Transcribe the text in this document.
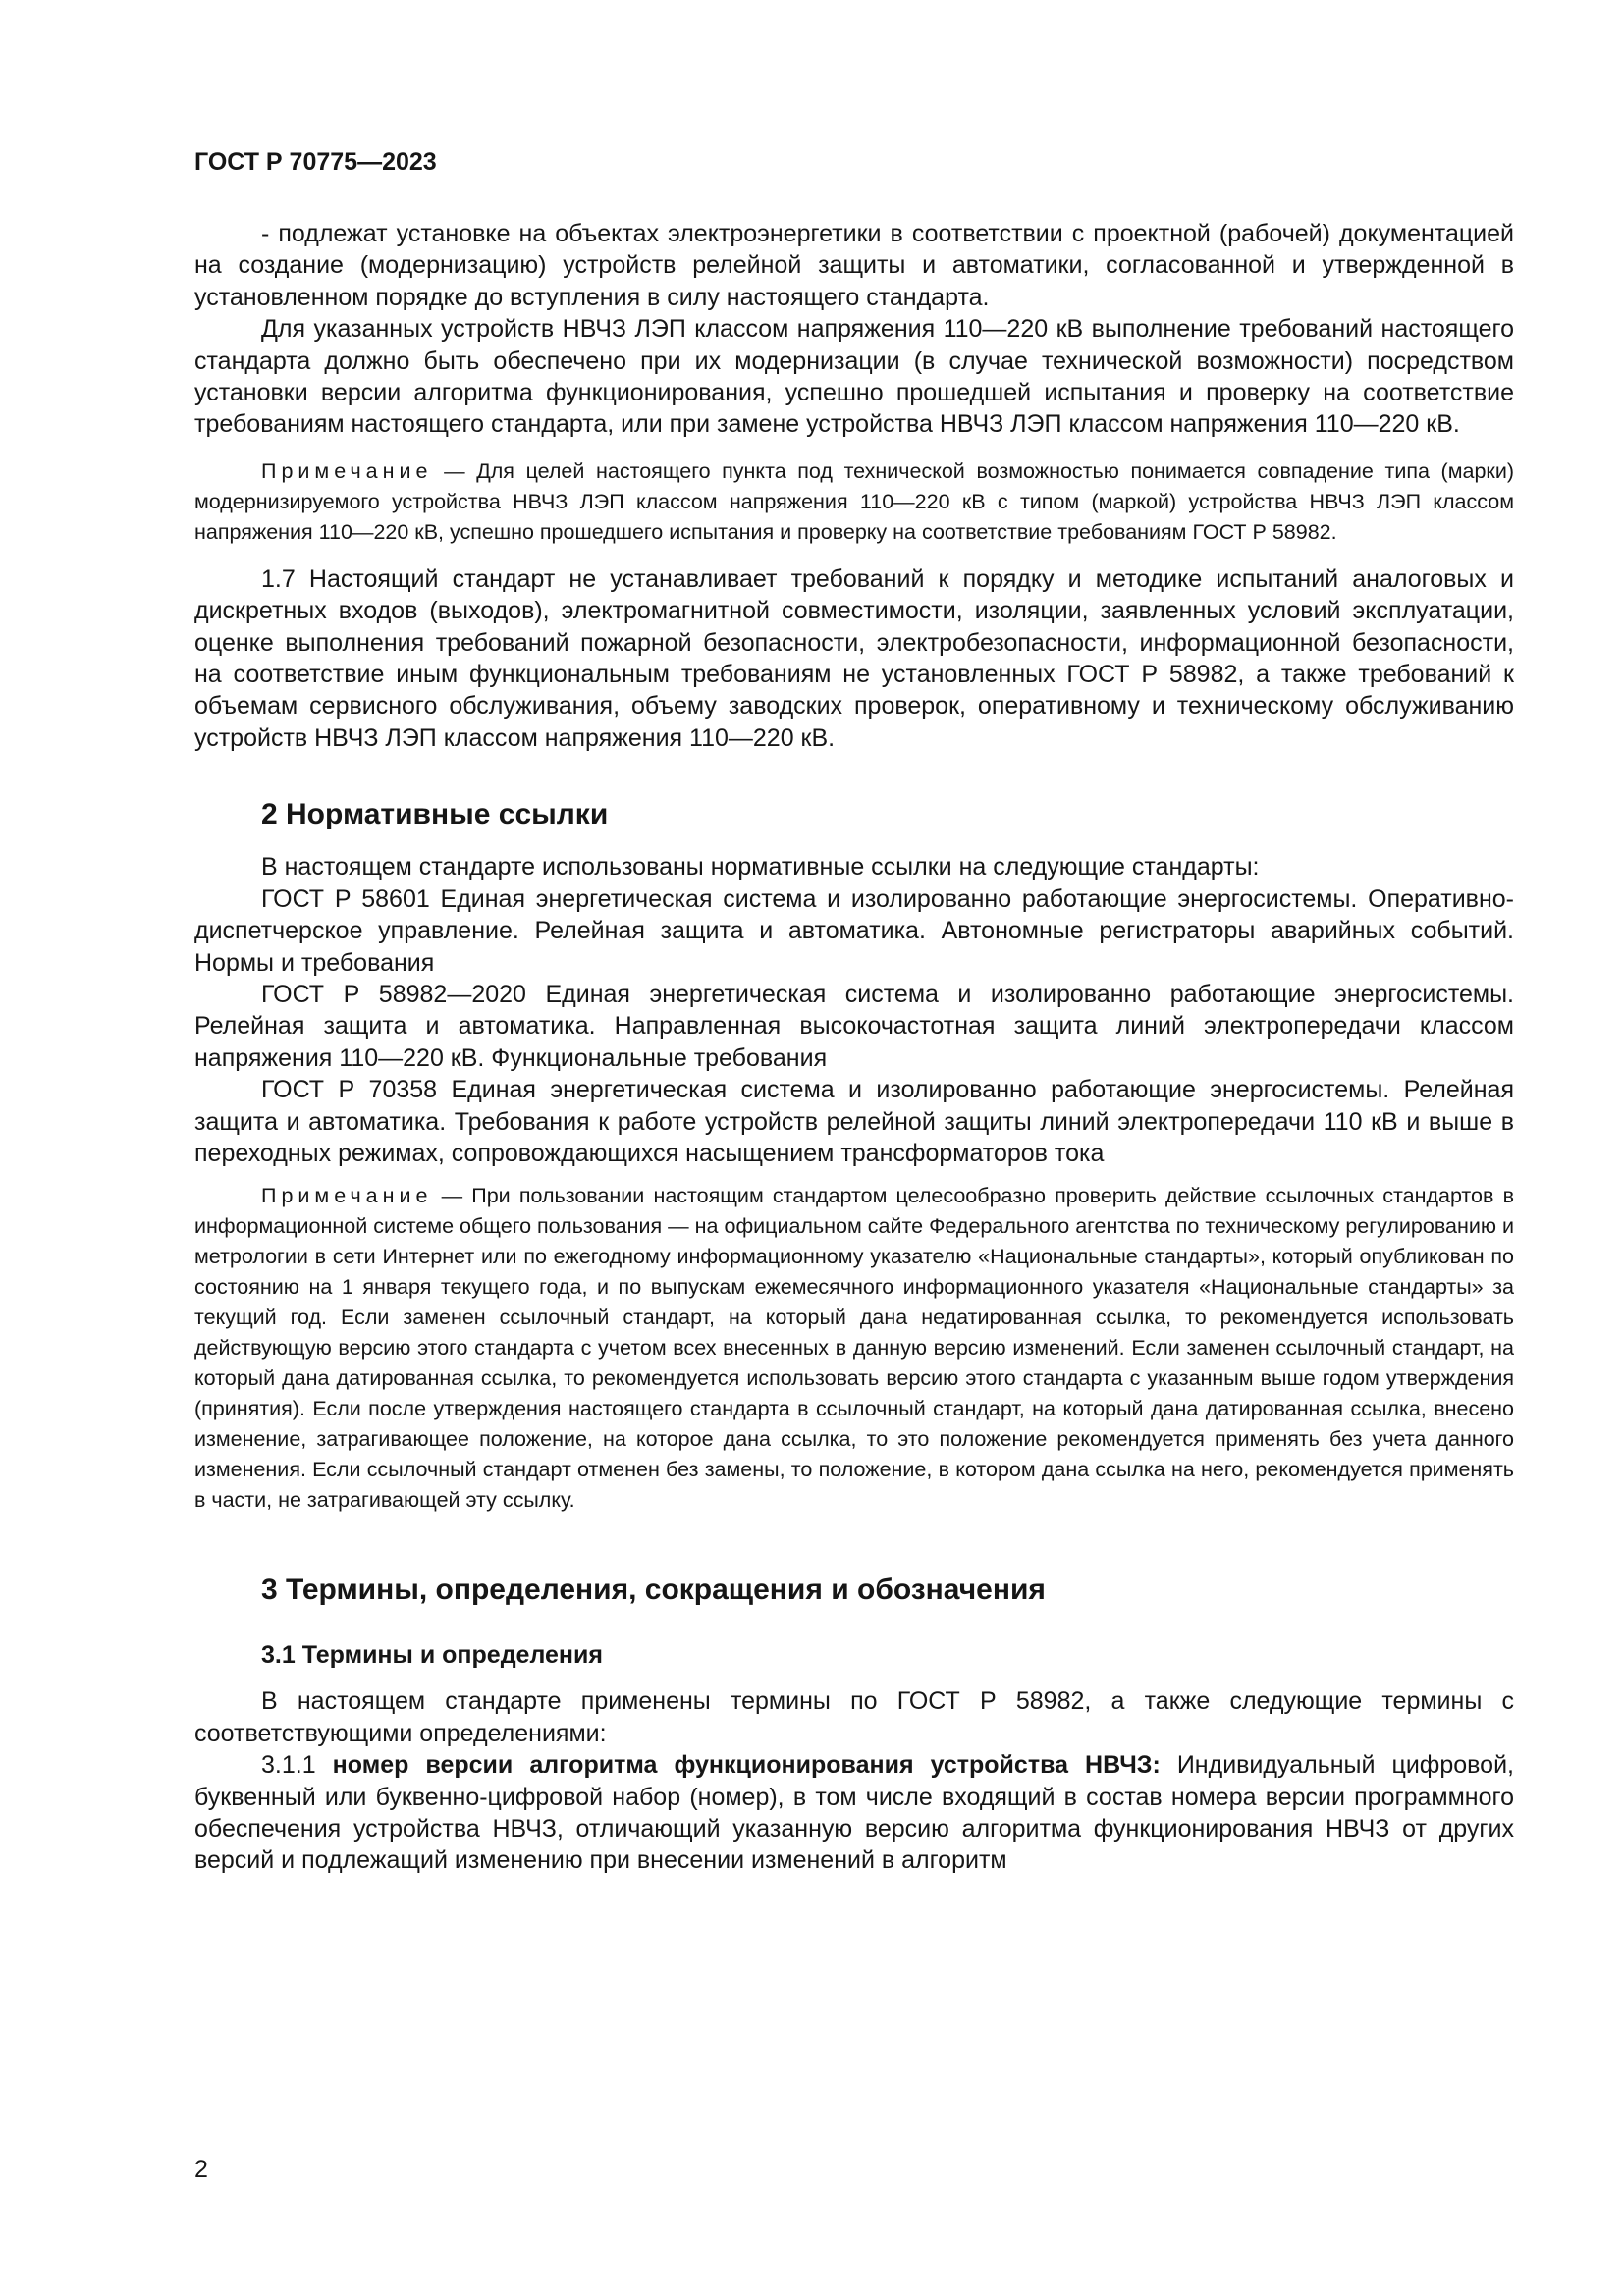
ГОСТ Р 70775—2023

- подлежат установке на объектах электроэнергетики в соответствии с проектной (рабочей) документацией на создание (модернизацию) устройств релейной защиты и автоматики, согласованной и утвержденной в установленном порядке до вступления в силу настоящего стандарта.

Для указанных устройств НВЧЗ ЛЭП классом напряжения 110—220 кВ выполнение требований настоящего стандарта должно быть обеспечено при их модернизации (в случае технической возможности) посредством установки версии алгоритма функционирования, успешно прошедшей испытания и проверку на соответствие требованиям настоящего стандарта, или при замене устройства НВЧЗ ЛЭП классом напряжения 110—220 кВ.

Примечание — Для целей настоящего пункта под технической возможностью понимается совпадение типа (марки) модернизируемого устройства НВЧЗ ЛЭП классом напряжения 110—220 кВ с типом (маркой) устройства НВЧЗ ЛЭП классом напряжения 110—220 кВ, успешно прошедшего испытания и проверку на соответствие требованиям ГОСТ Р 58982.

1.7 Настоящий стандарт не устанавливает требований к порядку и методике испытаний аналоговых и дискретных входов (выходов), электромагнитной совместимости, изоляции, заявленных условий эксплуатации, оценке выполнения требований пожарной безопасности, электробезопасности, информационной безопасности, на соответствие иным функциональным требованиям не установленных ГОСТ Р 58982, а также требований к объемам сервисного обслуживания, объему заводских проверок, оперативному и техническому обслуживанию устройств НВЧЗ ЛЭП классом напряжения 110—220 кВ.

2 Нормативные ссылки

В настоящем стандарте использованы нормативные ссылки на следующие стандарты:

ГОСТ Р 58601 Единая энергетическая система и изолированно работающие энергосистемы. Оперативно-диспетчерское управление. Релейная защита и автоматика. Автономные регистраторы аварийных событий. Нормы и требования

ГОСТ Р 58982—2020 Единая энергетическая система и изолированно работающие энергосистемы. Релейная защита и автоматика. Направленная высокочастотная защита линий электропередачи классом напряжения 110—220 кВ. Функциональные требования

ГОСТ Р 70358 Единая энергетическая система и изолированно работающие энергосистемы. Релейная защита и автоматика. Требования к работе устройств релейной защиты линий электропередачи 110 кВ и выше в переходных режимах, сопровождающихся насыщением трансформаторов тока

Примечание — При пользовании настоящим стандартом целесообразно проверить действие ссылочных стандартов в информационной системе общего пользования — на официальном сайте Федерального агентства по техническому регулированию и метрологии в сети Интернет или по ежегодному информационному указателю «Национальные стандарты», который опубликован по состоянию на 1 января текущего года, и по выпускам ежемесячного информационного указателя «Национальные стандарты» за текущий год. Если заменен ссылочный стандарт, на который дана недатированная ссылка, то рекомендуется использовать действующую версию этого стандарта с учетом всех внесенных в данную версию изменений. Если заменен ссылочный стандарт, на который дана датированная ссылка, то рекомендуется использовать версию этого стандарта с указанным выше годом утверждения (принятия). Если после утверждения настоящего стандарта в ссылочный стандарт, на который дана датированная ссылка, внесено изменение, затрагивающее положение, на которое дана ссылка, то это положение рекомендуется применять без учета данного изменения. Если ссылочный стандарт отменен без замены, то положение, в котором дана ссылка на него, рекомендуется применять в части, не затрагивающей эту ссылку.

3 Термины, определения, сокращения и обозначения

3.1 Термины и определения

В настоящем стандарте применены термины по ГОСТ Р 58982, а также следующие термины с соответствующими определениями:

3.1.1 номер версии алгоритма функционирования устройства НВЧЗ: Индивидуальный цифровой, буквенный или буквенно-цифровой набор (номер), в том числе входящий в состав номера версии программного обеспечения устройства НВЧЗ, отличающий указанную версию алгоритма функционирования НВЧЗ от других версий и подлежащий изменению при внесении изменений в алгоритм

2
